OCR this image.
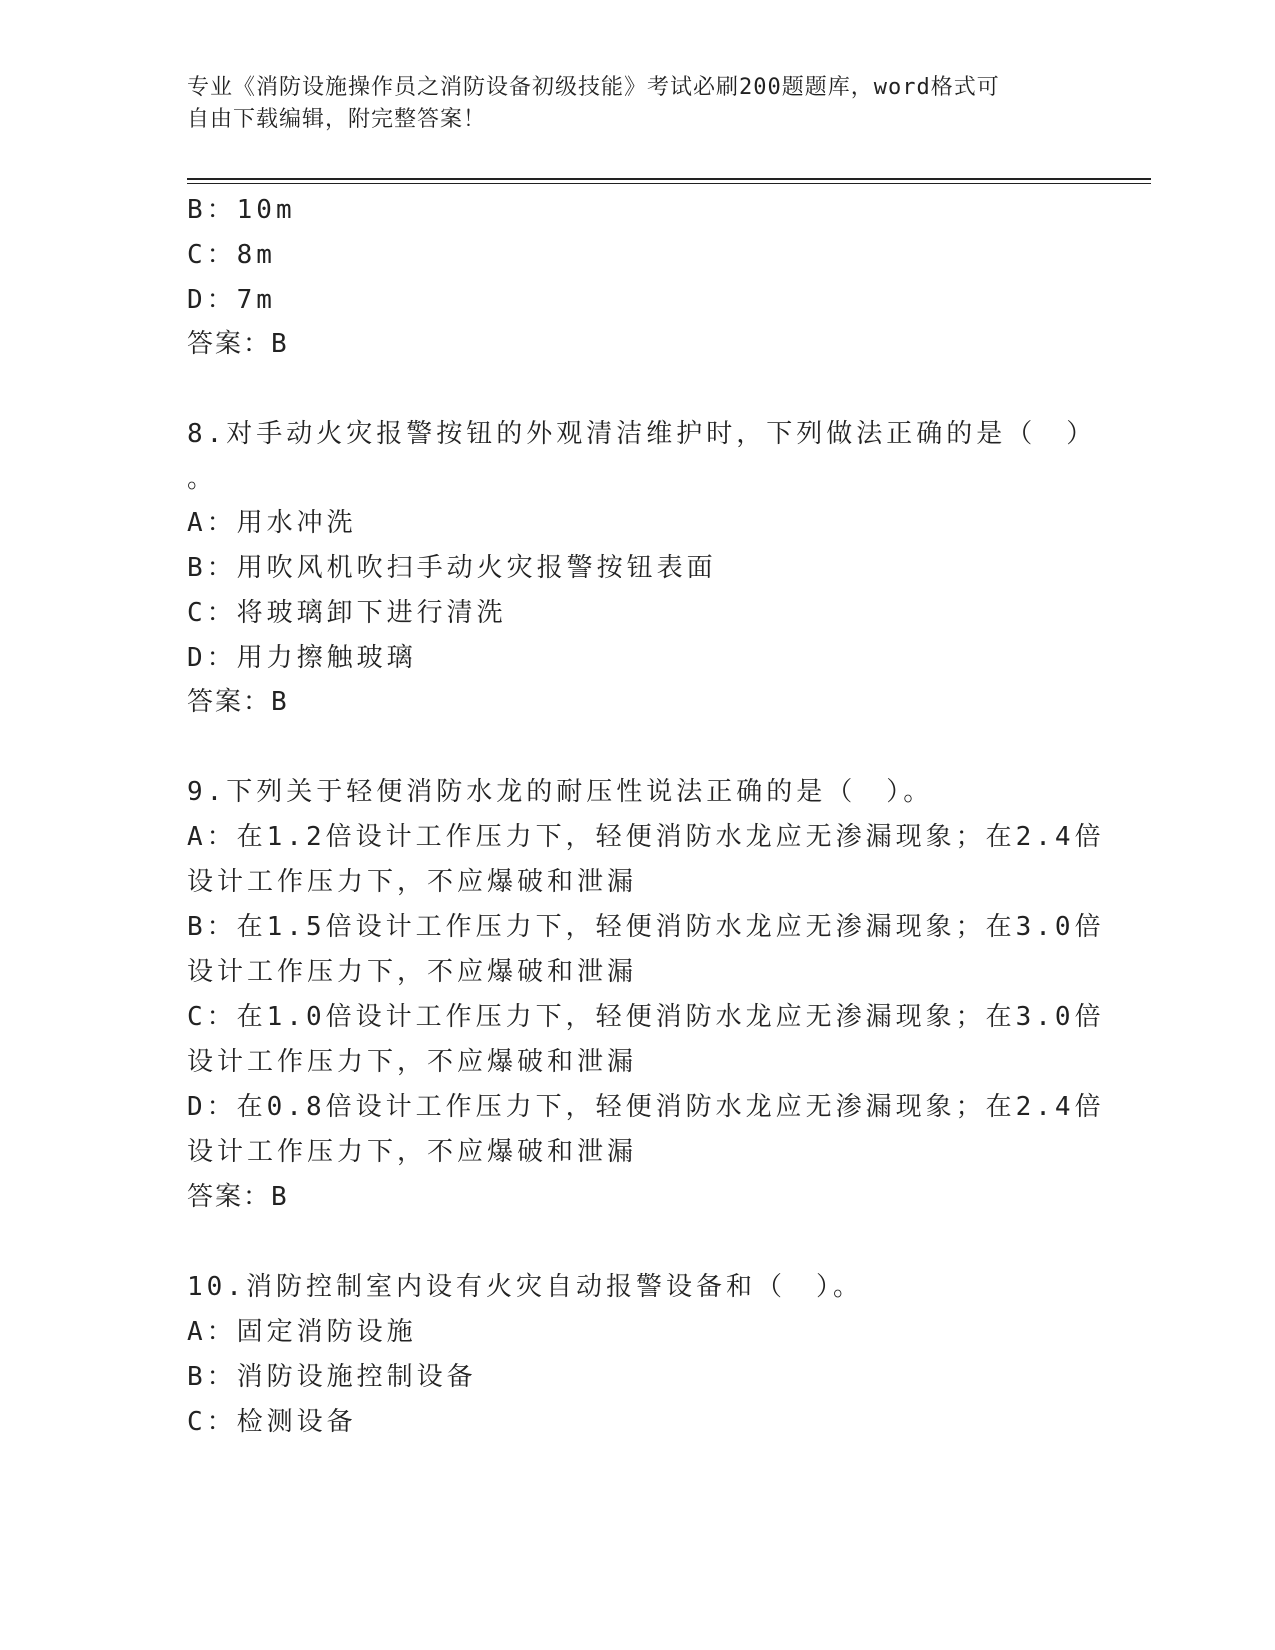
专业《消防设施操作员之消防设备初级技能》考试必刷200题题库，word格式可
自由下载编辑，附完整答案！
B：10m
C：8m
D：7m
答案：B
8.对手动火灾报警按钮的外观清洁维护时，下列做法正确的是（　）
。
A：用水冲洗
B：用吹风机吹扫手动火灾报警按钮表面
C：将玻璃卸下进行清洗
D：用力擦触玻璃
答案：B
9.下列关于轻便消防水龙的耐压性说法正确的是（　）。
A：在1.2倍设计工作压力下，轻便消防水龙应无渗漏现象；在2.4倍
设计工作压力下，不应爆破和泄漏
B：在1.5倍设计工作压力下，轻便消防水龙应无渗漏现象；在3.0倍
设计工作压力下，不应爆破和泄漏
C：在1.0倍设计工作压力下，轻便消防水龙应无渗漏现象；在3.0倍
设计工作压力下，不应爆破和泄漏
D：在0.8倍设计工作压力下，轻便消防水龙应无渗漏现象；在2.4倍
设计工作压力下，不应爆破和泄漏
答案：B
10.消防控制室内设有火灾自动报警设备和（　）。
A：固定消防设施
B：消防设施控制设备
C：检测设备
